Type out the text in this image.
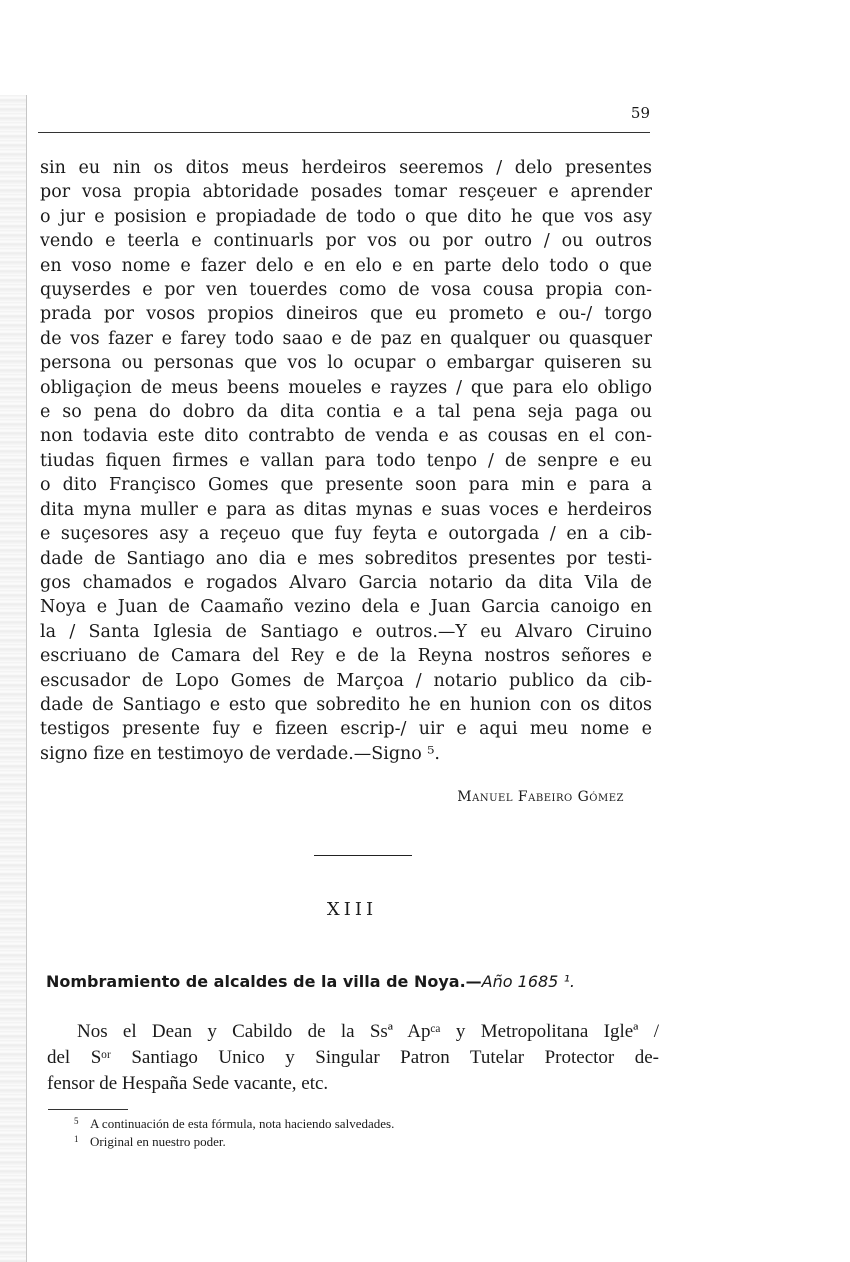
59
sin eu nin os ditos meus herdeiros seeremos / delo presentes
por vosa propia abtoridade posades tomar resçeuer e aprender
o jur e posision e propiadade de todo o que dito he que vos asy
vendo e teerla e continuarls por vos ou por outro / ou outros
en voso nome e fazer delo e en elo e en parte delo todo o que
quyserdes e por ven touerdes como de vosa cousa propia con-
prada por vosos propios dineiros que eu prometo e ou-/ torgo
de vos fazer e farey todo saao e de paz en qualquer ou quasquer
persona ou personas que vos lo ocupar o embargar quiseren su
obligaçion de meus beens moueles e rayzes / que para elo obligo
e so pena do dobro da dita contia e a tal pena seja paga ou
non todavia este dito contrabto de venda e as cousas en el con-
tiudas fiquen firmes e vallan para todo tenpo / de senpre e eu
o dito Françisco Gomes que presente soon para min e para a
dita myna muller e para as ditas mynas e suas voces e herdeiros
e suçesores asy a reçeuo que fuy feyta e outorgada / en a cib-
dade de Santiago ano dia e mes sobreditos presentes por testi-
gos chamados e rogados Alvaro Garcia notario da dita Vila de
Noya e Juan de Caamaño vezino dela e Juan Garcia canoigo en
la / Santa Iglesia de Santiago e outros.—Y eu Alvaro Ciruino
escriuano de Camara del Rey e de la Reyna nostros señores e
escusador de Lopo Gomes de Marçoa / notario publico da cib-
dade de Santiago e esto que sobredito he en hunion con os ditos
testigos presente fuy e fizeen escrip-/ uir e aqui meu nome e
signo fize en testimoyo de verdade.—Signo ⁵.
Manuel Fabeiro Gómez
XIII
Nombramiento de alcaldes de la villa de Noya.—Año 1685 ¹.
Nos el Dean y Cabildo de la Ssª Apᶜᵃ y Metropolitana Igleª /
del Sᵒʳ Santiago Unico y Singular Patron Tutelar Protector de-
fensor de Hespaña Sede vacante, etc.
5 A continuación de esta fórmula, nota haciendo salvedades.
1 Original en nuestro poder.
